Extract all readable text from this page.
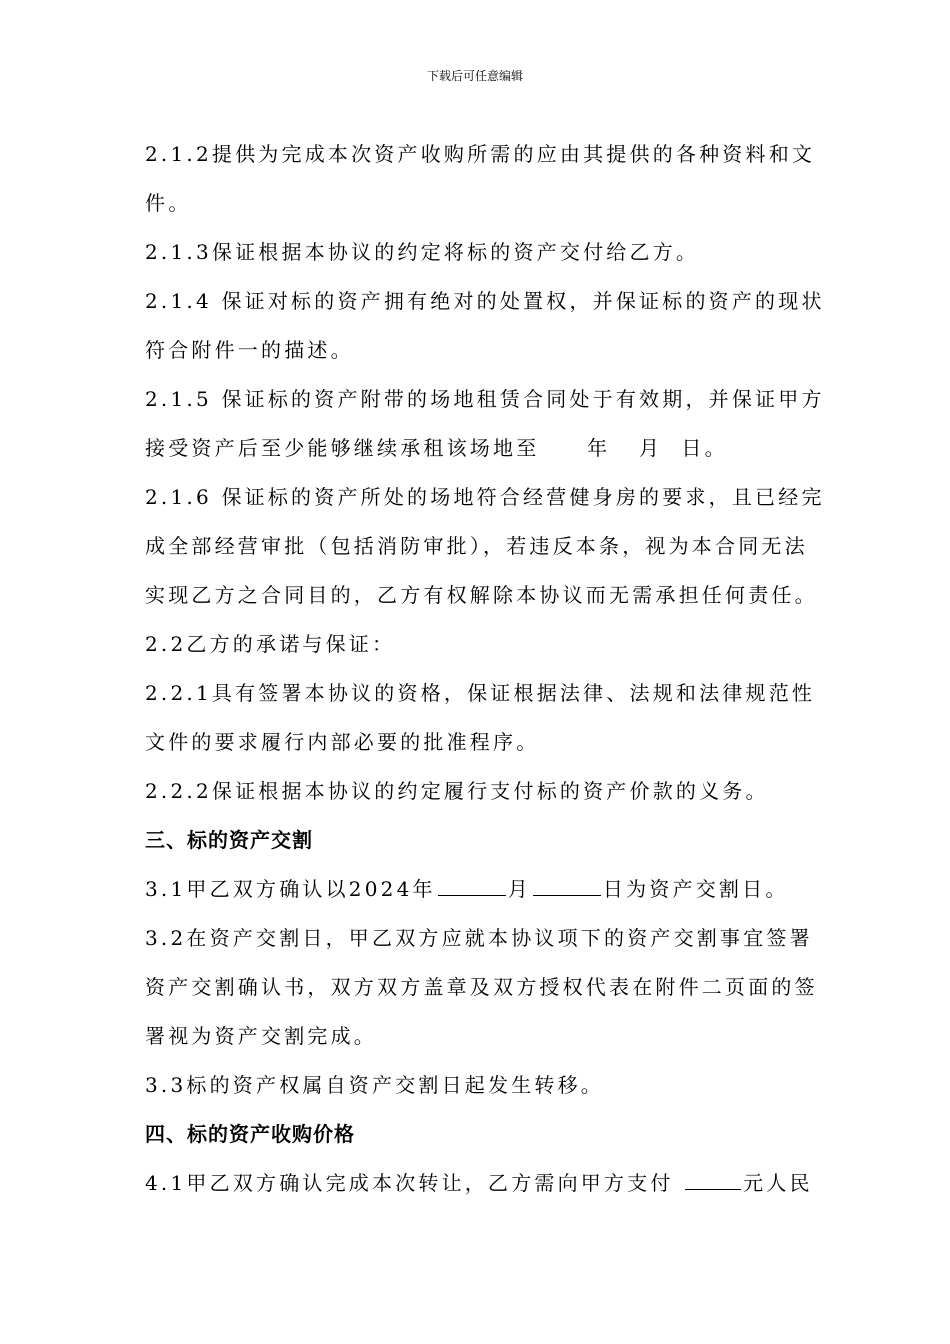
下载后可任意编辑
2.1.2提供为完成本次资产收购所需的应由其提供的各种资料和文
件。
2.1.3保证根据本协议的约定将标的资产交付给乙方。
2.1.4 保证对标的资产拥有绝对的处置权，并保证标的资产的现状
符合附件一的描述。
2.1.5 保证标的资产附带的场地租赁合同处于有效期，并保证甲方
接受资产后至少能够继续承租该场地至     年   月  日。
2.1.6 保证标的资产所处的场地符合经营健身房的要求，且已经完
成全部经营审批（包括消防审批），若违反本条，视为本合同无法
实现乙方之合同目的，乙方有权解除本协议而无需承担任何责任。
2.2乙方的承诺与保证：
2.2.1具有签署本协议的资格，保证根据法律、法规和法律规范性
文件的要求履行内部必要的批准程序。
2.2.2保证根据本协议的约定履行支付标的资产价款的义务。
三、标的资产交割
3.1甲乙双方确认以2024年	月	日为资产交割日。
3.2在资产交割日，甲乙双方应就本协议项下的资产交割事宜签署
资产交割确认书，双方双方盖章及双方授权代表在附件二页面的签
署视为资产交割完成。
3.3标的资产权属自资产交割日起发生转移。
四、标的资产收购价格
4.1甲乙双方确认完成本次转让，乙方需向甲方支付	元人民
